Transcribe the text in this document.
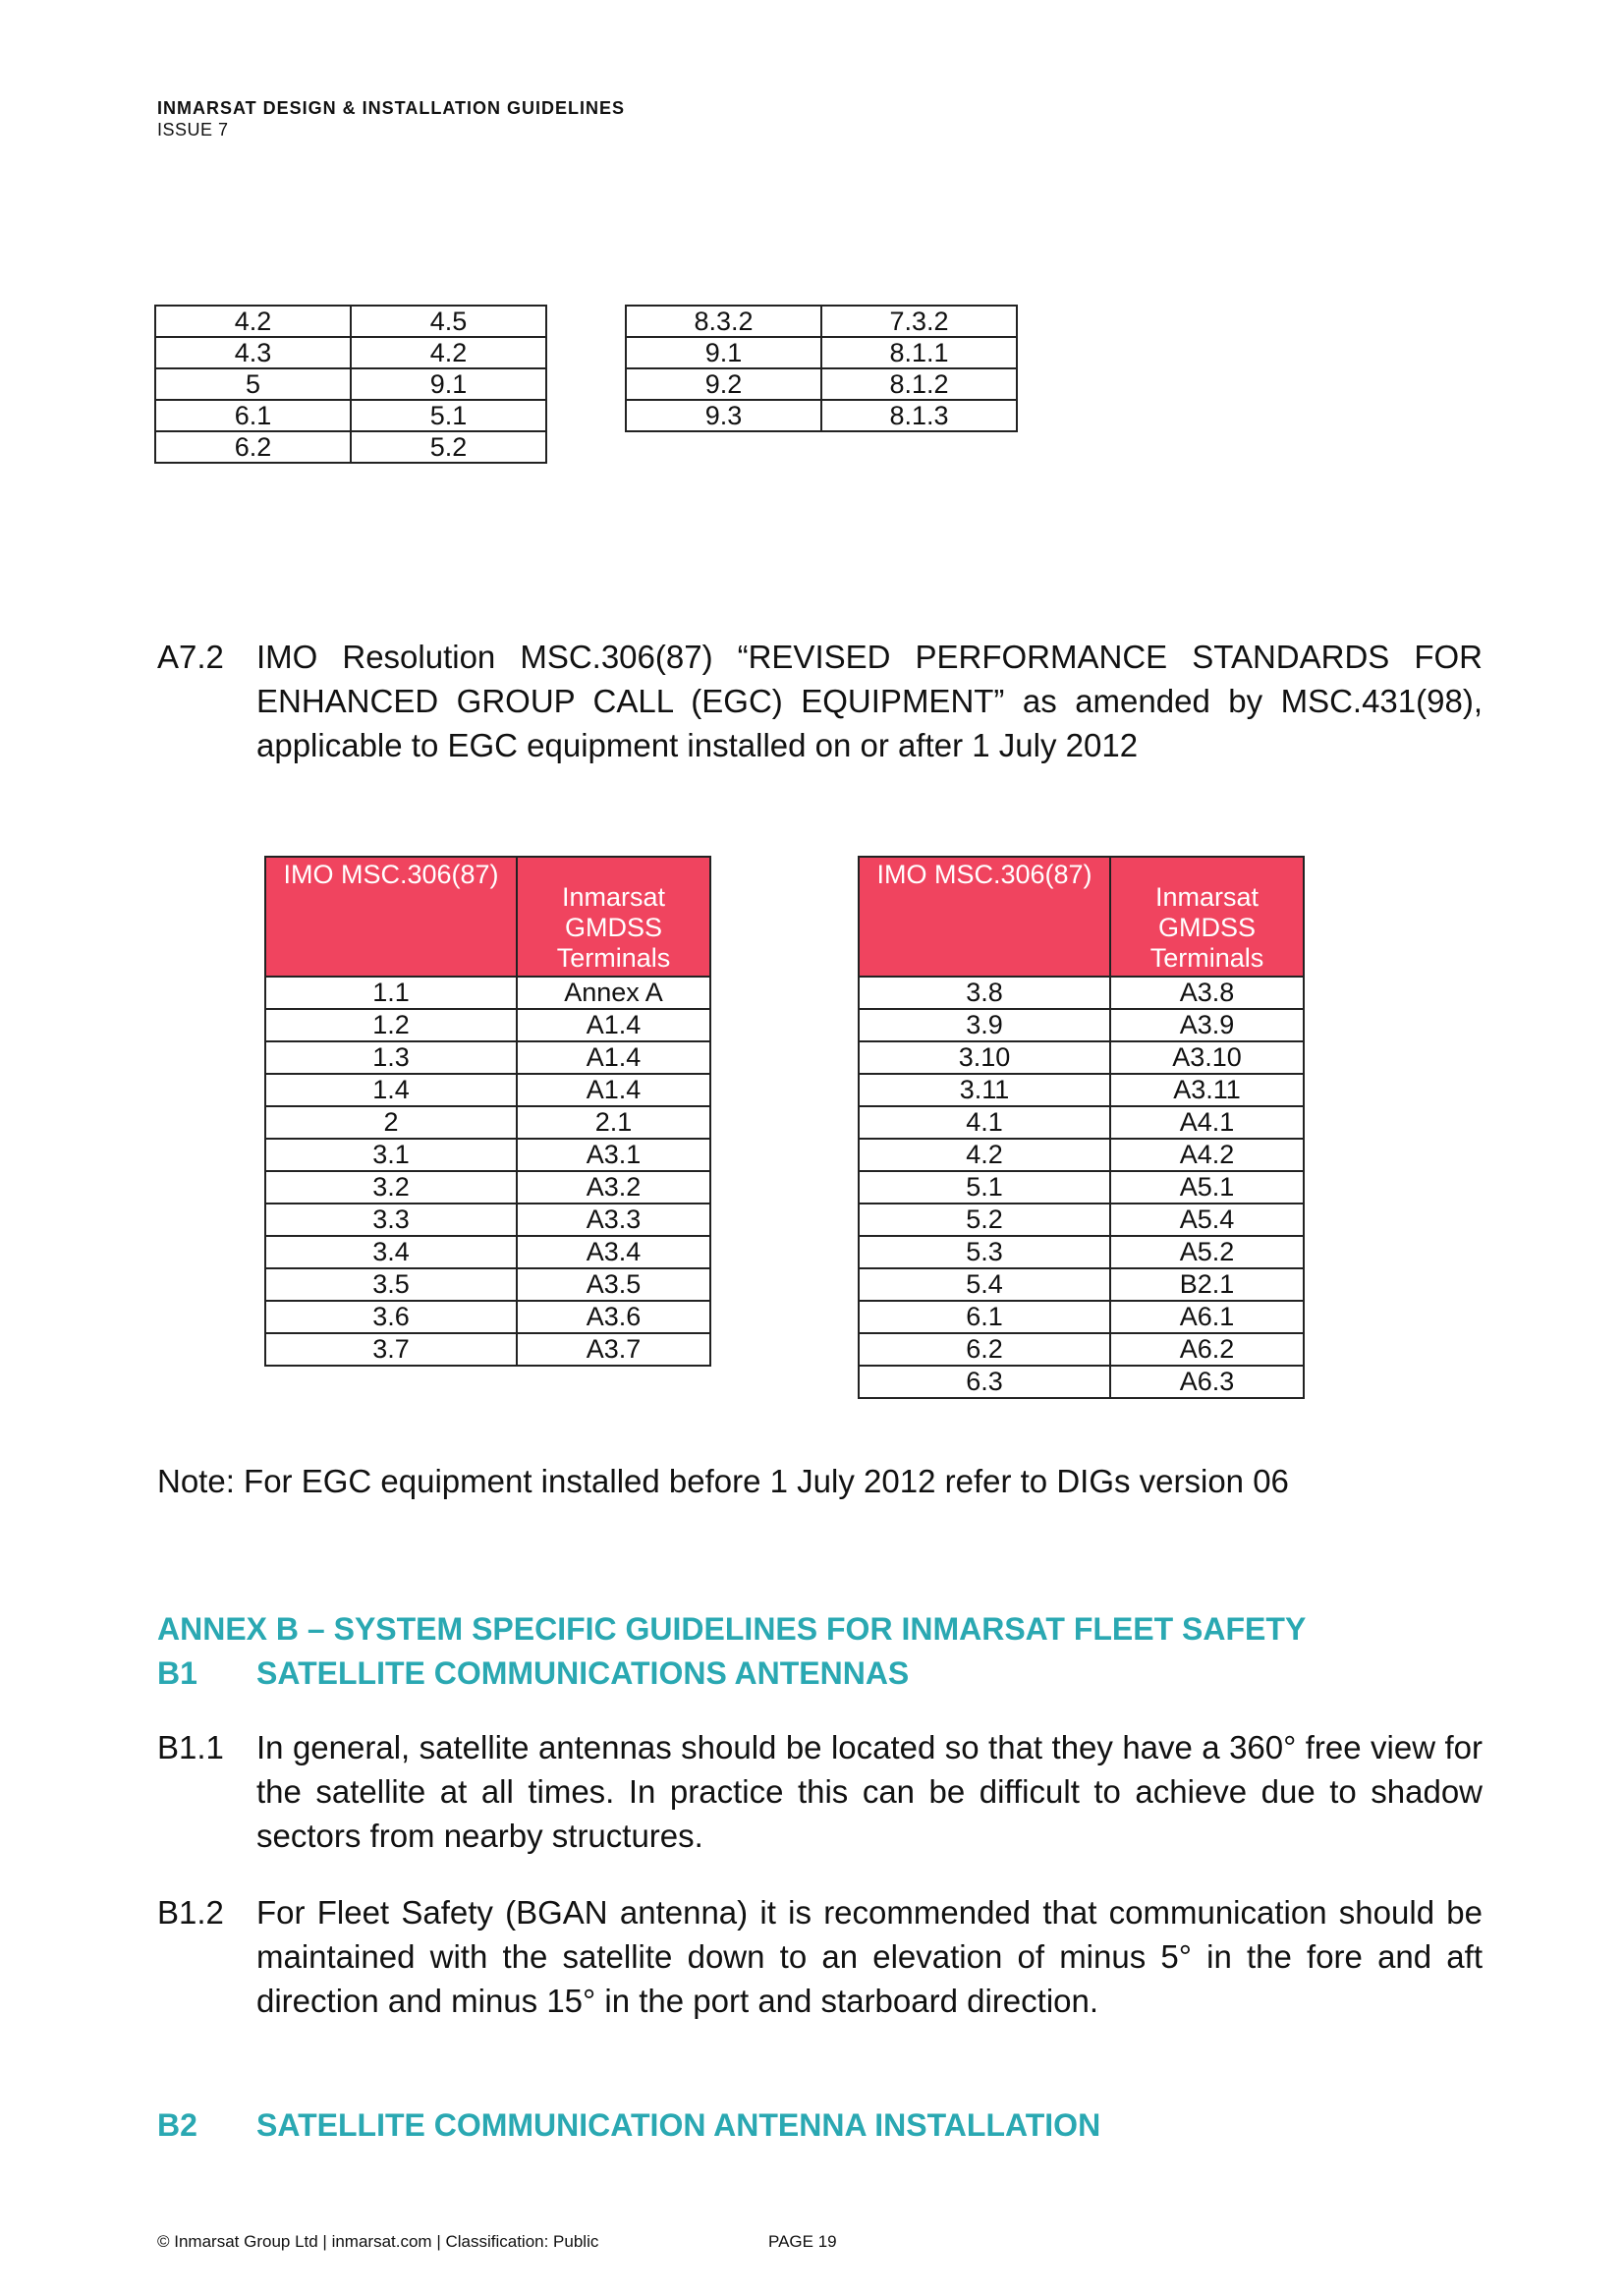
INMARSAT DESIGN & INSTALLATION GUIDELINES
ISSUE 7
4.2	4.5
4.3	4.2
5	9.1
6.1	5.1
6.2	5.2
8.3.2	7.3.2
9.1	8.1.1
9.2	8.1.2
9.3	8.1.3
A7.2 IMO Resolution MSC.306(87) “REVISED PERFORMANCE STANDARDS FOR ENHANCED GROUP CALL (EGC) EQUIPMENT” as amended by MSC.431(98), applicable to EGC equipment installed on or after 1 July 2012
IMO MSC.306(87)	Inmarsat GMDSS Terminals
1.1	Annex A
1.2	A1.4
1.3	A1.4
1.4	A1.4
2	2.1
3.1	A3.1
3.2	A3.2
3.3	A3.3
3.4	A3.4
3.5	A3.5
3.6	A3.6
3.7	A3.7
IMO MSC.306(87)	Inmarsat GMDSS Terminals
3.8	A3.8
3.9	A3.9
3.10	A3.10
3.11	A3.11
4.1	A4.1
4.2	A4.2
5.1	A5.1
5.2	A5.4
5.3	A5.2
5.4	B2.1
6.1	A6.1
6.2	A6.2
6.3	A6.3
Note: For EGC equipment installed before 1 July 2012 refer to DIGs version 06
ANNEX B – SYSTEM SPECIFIC GUIDELINES FOR INMARSAT FLEET SAFETY
B1 SATELLITE COMMUNICATIONS ANTENNAS
B1.1 In general, satellite antennas should be located so that they have a 360° free view for the satellite at all times. In practice this can be difficult to achieve due to shadow sectors from nearby structures.
B1.2 For Fleet Safety (BGAN antenna) it is recommended that communication should be maintained with the satellite down to an elevation of minus 5° in the fore and aft direction and minus 15° in the port and starboard direction.
B2 SATELLITE COMMUNICATION ANTENNA INSTALLATION
© Inmarsat Group Ltd | inmarsat.com | Classification: Public	PAGE 19
